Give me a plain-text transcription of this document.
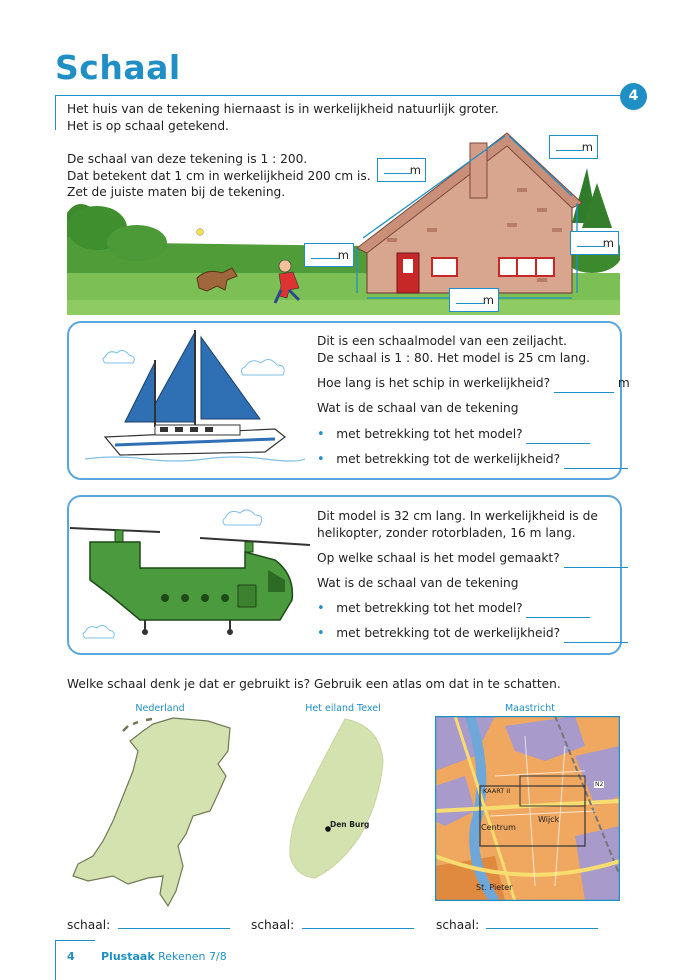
Schaal
4
Het huis van de tekening hiernaast is in werkelijkheid natuurlijk groter.
Het is op schaal getekend.
De schaal van deze tekening is 1 : 200.
Dat betekent dat 1 cm in werkelijkheid 200 cm is.
Zet de juiste maten bij de tekening.
m
m
m
m
m
Dit is een schaalmodel van een zeiljacht.
De schaal is 1 : 80. Het model is 25 cm lang.
Hoe lang is het schip in werkelijkheid?	m
Wat is de schaal van de tekening
• met betrekking tot het model?
• met betrekking tot de werkelijkheid?
Dit model is 32 cm lang. In werkelijkheid is de
helikopter, zonder rotorbladen, 16 m lang.
Op welke schaal is het model gemaakt?
Wat is de schaal van de tekening
• met betrekking tot het model?
• met betrekking tot de werkelijkheid?
Welke schaal denk je dat er gebruikt is? Gebruik een atlas om dat in te schatten.
Nederland	Het eiland Texel	Maastricht
Den Burg
KAART II
Centrum
Wijck
St. Pieter
N2
schaal:	schaal:	schaal:
4 Plustaak Rekenen 7/8
